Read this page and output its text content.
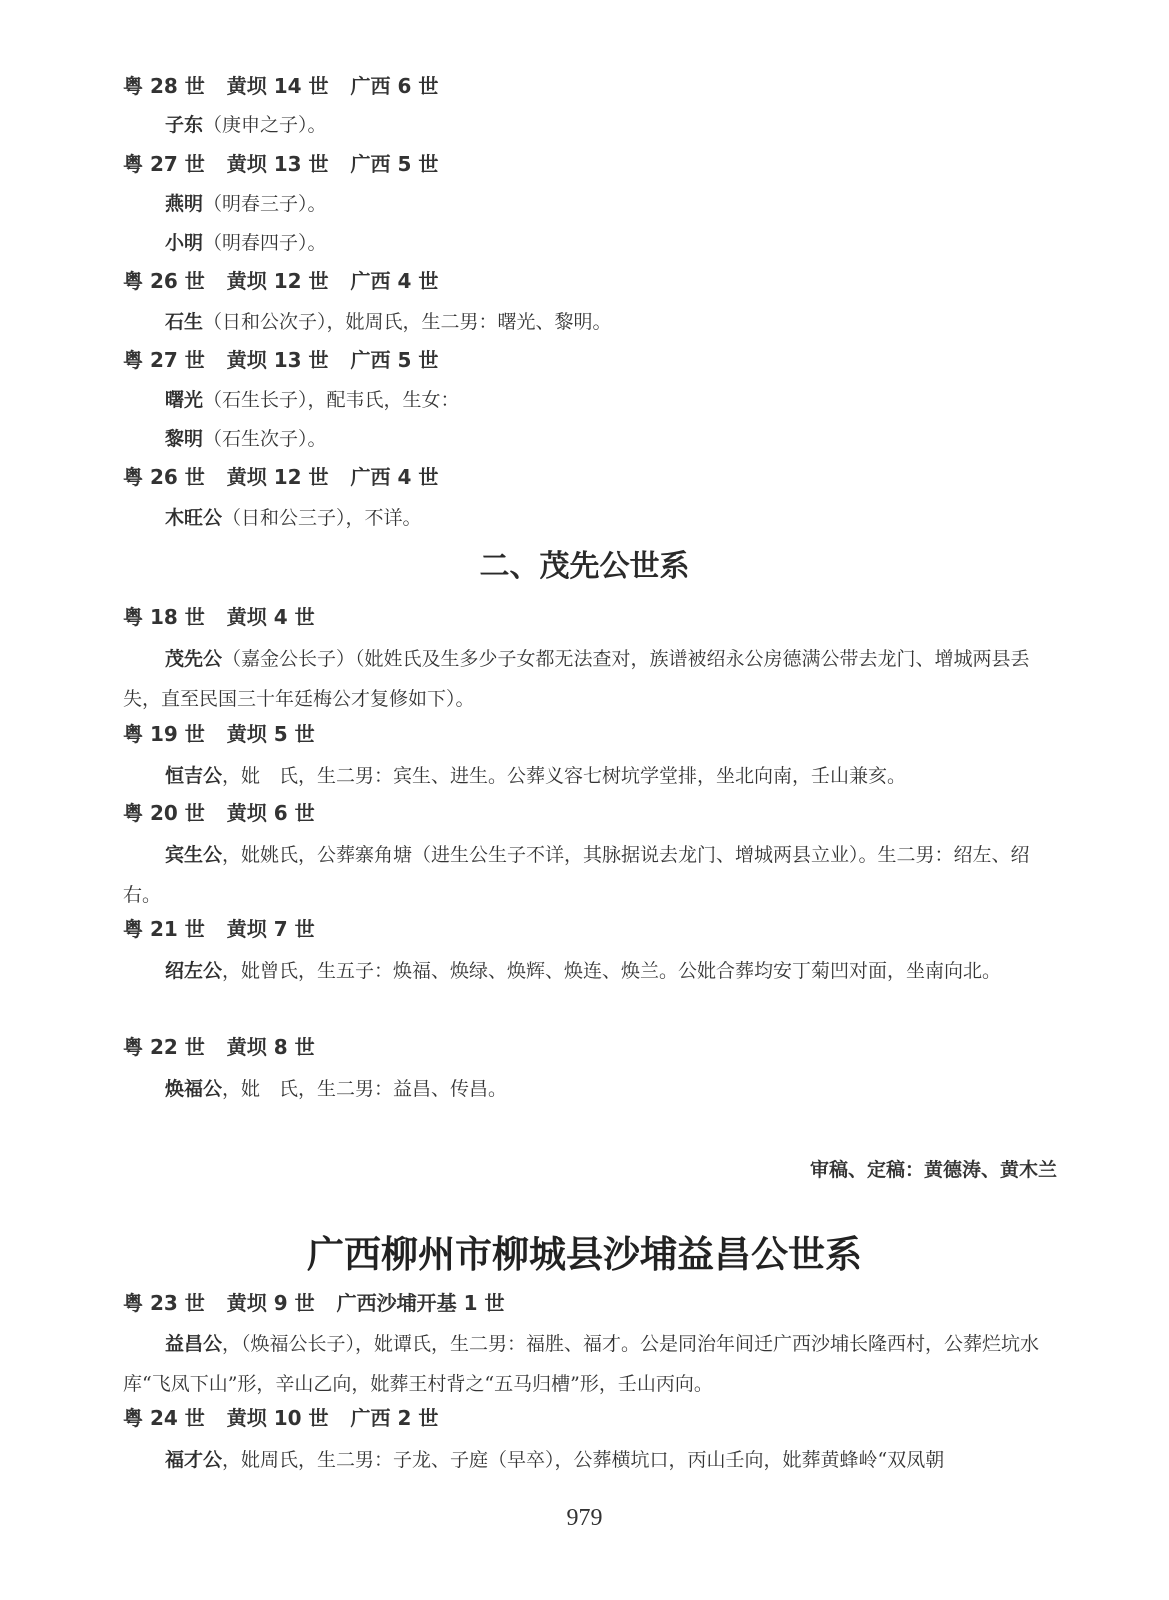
粤 28 世 黄坝 14 世 广西 6 世
子东（庚申之子）。
粤 27 世 黄坝 13 世 广西 5 世
燕明（明春三子）。
小明（明春四子）。
粤 26 世 黄坝 12 世 广西 4 世
石生（日和公次子），妣周氏，生二男：曙光、黎明。
粤 27 世 黄坝 13 世 广西 5 世
曙光（石生长子），配韦氏，生女：
黎明（石生次子）。
粤 26 世 黄坝 12 世 广西 4 世
木旺公（日和公三子），不详。
二、茂先公世系
粤 18 世 黄坝 4 世
茂先公（嘉金公长子）（妣姓氏及生多少子女都无法查对，族谱被绍永公房德满公带去龙门、增城两县丢失，直至民国三十年廷梅公才复修如下）。
粤 19 世 黄坝 5 世
恒吉公，妣　氏，生二男：宾生、进生。公葬义容七树坑学堂排，坐北向南，壬山兼亥。
粤 20 世 黄坝 6 世
宾生公，妣姚氏，公葬寨角塘（进生公生子不详，其脉据说去龙门、增城两县立业）。生二男：绍左、绍右。
粤 21 世 黄坝 7 世
绍左公，妣曾氏，生五子：焕福、焕绿、焕辉、焕连、焕兰。公妣合葬均安丁菊凹对面，坐南向北。
粤 22 世 黄坝 8 世
焕福公，妣　氏，生二男：益昌、传昌。
审稿、定稿：黄德涛、黄木兰
广西柳州市柳城县沙埔益昌公世系
粤 23 世 黄坝 9 世 广西沙埔开基 1 世
益昌公，（焕福公长子），妣谭氏，生二男：福胜、福才。公是同治年间迁广西沙埔长隆西村，公葬烂坑水库“飞凤下山”形，辛山乙向，妣葬王村背之“五马归槽”形，壬山丙向。
粤 24 世 黄坝 10 世 广西 2 世
福才公，妣周氏，生二男：子龙、子庭（早卒），公葬横坑口，丙山壬向，妣葬黄蜂岭“双凤朝
979
